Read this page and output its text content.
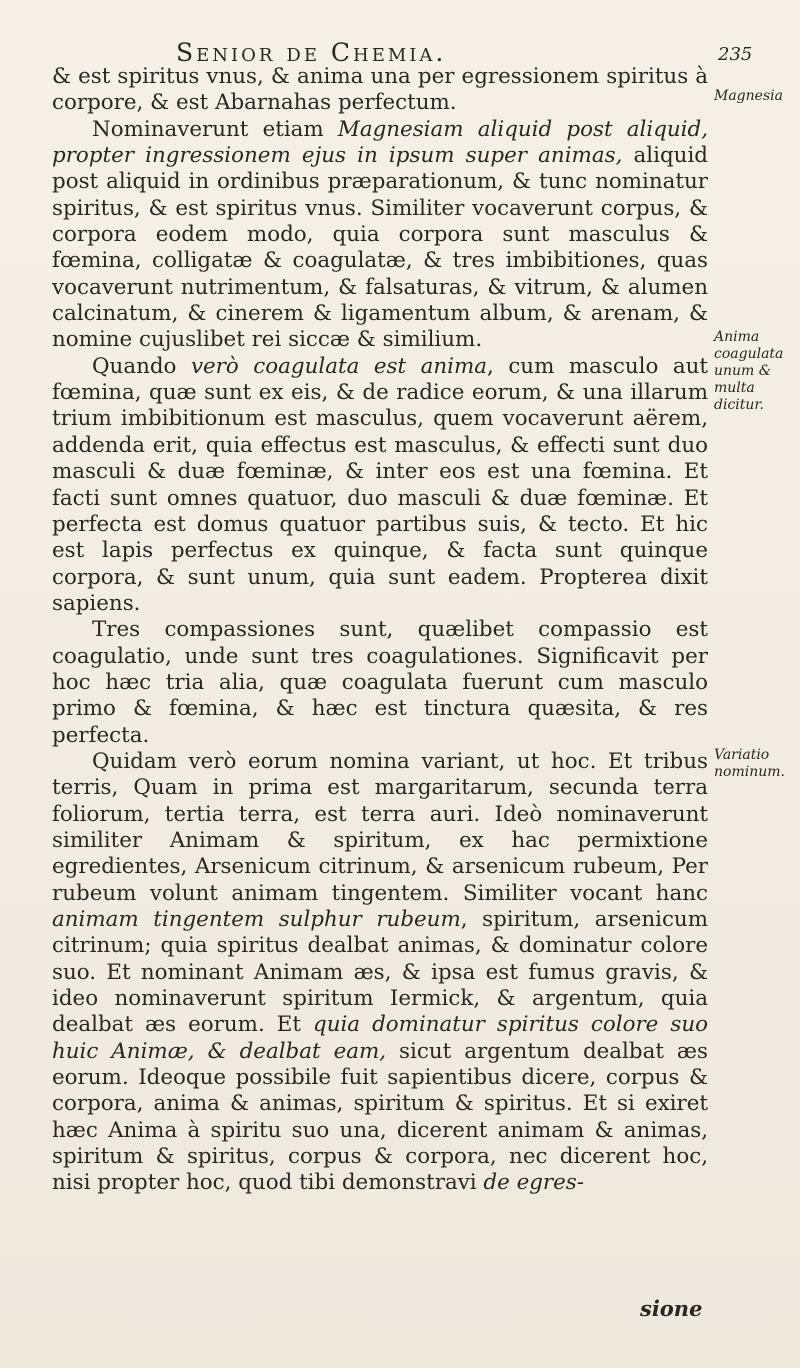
Senior de Chemia.	235

& est spiritus vnus, & anima una per egressionem spiritus à corpore, & est Abarnahas perfectum.

Nominaverunt etiam Magnesiam aliquid post aliquid, propter ingressionem ejus in ipsum super animas, aliquid post aliquid in ordinibus præparationum, & tunc nominatur spiritus, & est spiritus vnus. Similiter vocaverunt corpus, & corpora eodem modo, quia corpora sunt masculus & fœmina, colligatæ & coagulatæ, & tres imbibitiones, quas vocaverunt nutrimentum, & falsaturas, & vitrum, & alumen calcinatum, & cinerem & ligamentum album, & arenam, & nomine cujuslibet rei siccæ & similium.

Quando verò coagulata est anima, cum masculo aut fœmina, quæ sunt ex eis, & de radice eorum, & una illarum trium imbibitionum est masculus, quem vocaverunt aërem, addenda erit, quia effectus est masculus, & effecti sunt duo masculi & duæ fœminæ, & inter eos est una fœmina. Et facti sunt omnes quatuor, duo masculi & duæ fœminæ. Et perfecta est domus quatuor partibus suis, & tecto. Et hic est lapis perfectus ex quinque, & facta sunt quinque corpora, & sunt unum, quia sunt eadem. Propterea dixit sapiens.

Tres compassiones sunt, quælibet compassio est coagulatio, unde sunt tres coagulationes. Significavit per hoc hæc tria alia, quæ coagulata fuerunt cum masculo primo & fœmina, & hæc est tinctura quæsita, & res perfecta.

Quidam verò eorum nomina variant, ut hoc. Et tribus terris, Quam in prima est margaritarum, secunda terra foliorum, tertia terra, est terra auri. Ideò nominaverunt similiter Animam & spiritum, ex hac permixtione egredientes, Arsenicum citrinum, & arsenicum rubeum, Per rubeum volunt animam tingentem. Similiter vocant hanc animam tingentem sulphur rubeum, spiritum, arsenicum citrinum; quia spiritus dealbat animas, & dominatur colore suo. Et nominant Animam æs, & ipsa est fumus gravis, & ideo nominaverunt spiritum Iermick, & argentum, quia dealbat æs eorum. Et quia dominatur spiritus colore suo huic Animæ, & dealbat eam, sicut argentum dealbat æs eorum. Ideoque possibile fuit sapientibus dicere, corpus & corpora, anima & animas, spiritum & spiritus. Et si exiret hæc Anima à spiritu suo una, dicerent animam & animas, spiritum & spiritus, corpus & corpora, nec dicerent hoc, nisi propter hoc, quod tibi demonstravi de egres-

Magnesia
Anima coagulata unum & multa dicitur.
Variatio nominum.
sione
